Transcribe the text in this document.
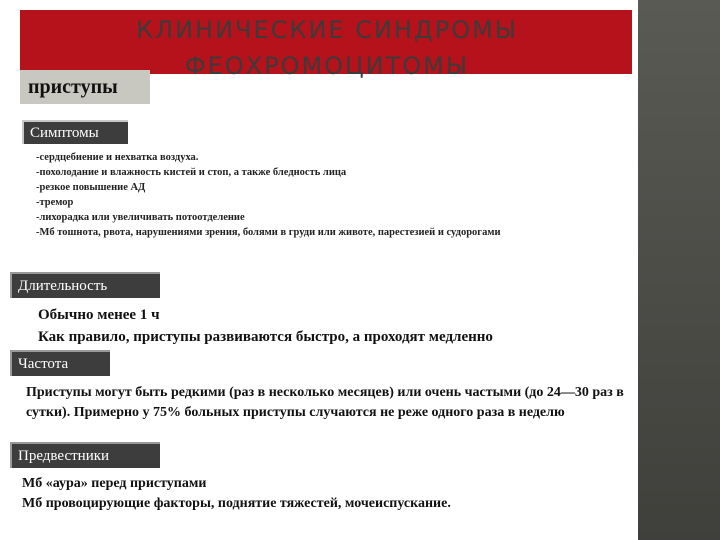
КЛИНИЧЕСКИЕ СИНДРОМЫ
ФЕОХРОМОЦИТОМЫ
приступы
Симптомы
-сердцебиение и нехватка воздуха.
-похолодание и влажность кистей и стоп, а также бледность лица
-резкое повышение АД
-тремор
-лихорадка или увеличивать потоотделение
-Мб тошнота, рвота, нарушениями зрения, болями в груди или животе, парестезией и судорогами
Длительность
Обычно менее 1 ч
Как правило, приступы развиваются быстро, а проходят медленно
Частота
Приступы могут быть редкими (раз в несколько месяцев) или очень частыми (до 24—30 раз в сутки). Примерно у 75% больных приступы случаются не реже одного раза в неделю
Предвестники
Мб «аура» перед приступами
Мб провоцирующие факторы, поднятие тяжестей, мочеиспускание.
